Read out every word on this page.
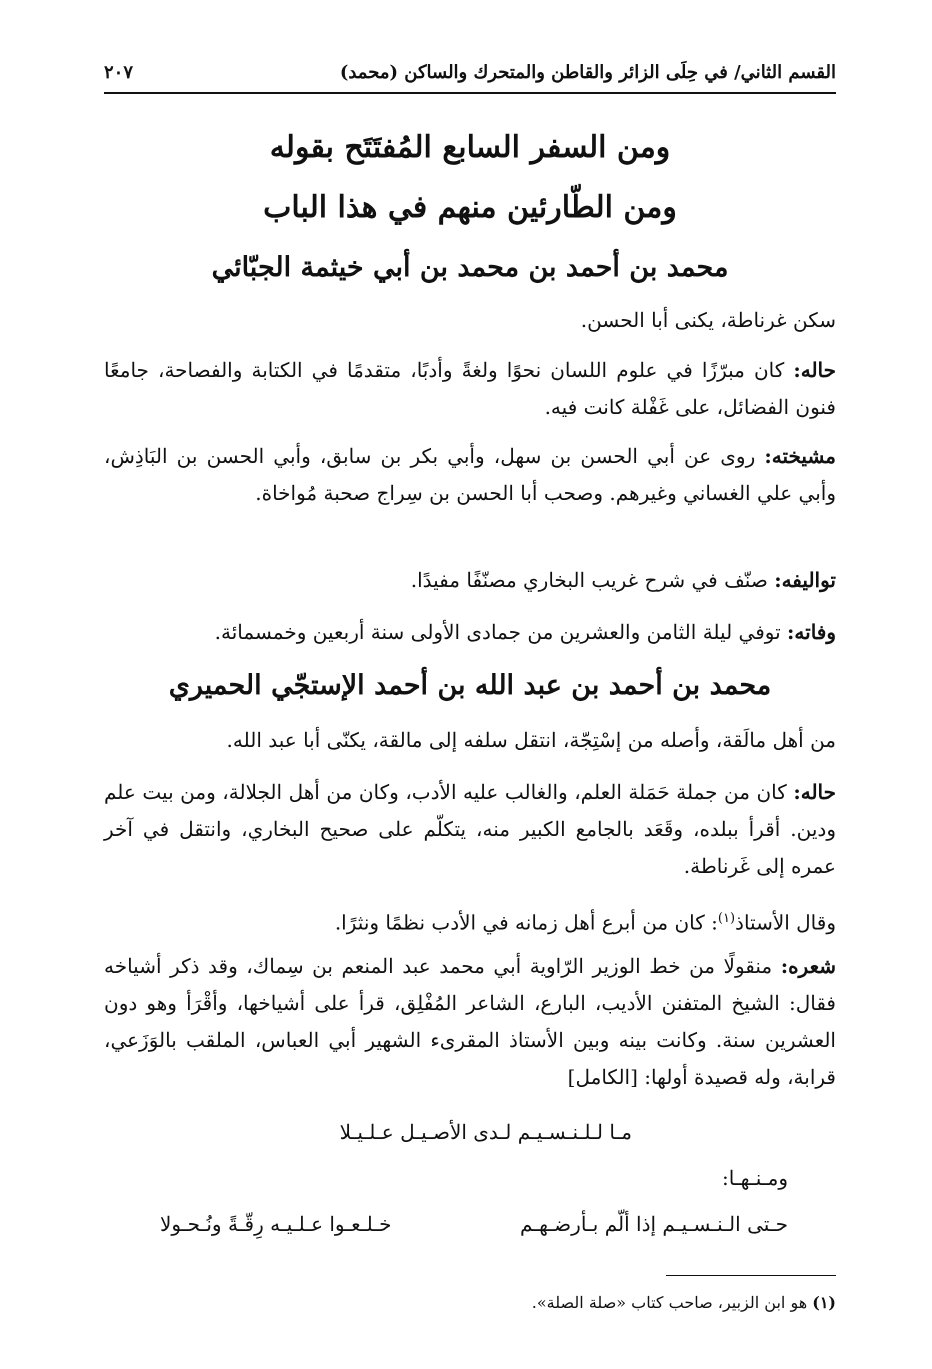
القسم الثاني/ في حِلَى الزائر والقاطن والمتحرك والساكن (محمد)
٢٠٧
ومن السفر السابع المُفتَتَح بقوله
ومن الطّارئين منهم في هذا الباب
محمد بن أحمد بن محمد بن أبي خيثمة الجبّائي
سكن غرناطة، يكنى أبا الحسن.
حاله: كان مبرّزًا في علوم اللسان نحوًا ولغةً وأدبًا، متقدمًا في الكتابة والفصاحة، جامعًا فنون الفضائل، على غَفْلة كانت فيه.
مشيخته: روى عن أبي الحسن بن سهل، وأبي بكر بن سابق، وأبي الحسن بن البَاذِش، وأبي علي الغساني وغيرهم. وصحب أبا الحسن بن سِراج صحبة مُواخاة.
تواليفه: صنّف في شرح غريب البخاري مصنّفًا مفيدًا.
وفاته: توفي ليلة الثامن والعشرين من جمادى الأولى سنة أربعين وخمسمائة.
محمد بن أحمد بن عبد الله بن أحمد الإستجّي الحميري
من أهل مالَقة، وأصله من إسْتِجّة، انتقل سلفه إلى مالقة، يكنّى أبا عبد الله.
حاله: كان من جملة حَمَلة العلم، والغالب عليه الأدب، وكان من أهل الجلالة، ومن بيت علم ودين. أقرأ ببلده، وقَعَد بالجامع الكبير منه، يتكلّم على صحيح البخاري، وانتقل في آخر عمره إلى غَرناطة.
وقال الأستاذ$^{(١)}$: كان من أبرع أهل زمانه في الأدب نظمًا ونثرًا.
شعره: منقولًا من خط الوزير الرّاوية أبي محمد عبد المنعم بن سِماك، وقد ذكر أشياخه فقال: الشيخ المتفنن الأديب، البارع، الشاعر المُفْلِق، قرأ على أشياخها، وأقْرَأ وهو دون العشرين سنة. وكانت بينه وبين الأستاذ المقرىء الشهير أبي العباس، الملقب بالوَزَعي، قرابة، وله قصيدة أولها: [الكامل]
مـا لـلـنـسـيـم لـدى الأصـيـل عـلـيـلا
ومـنـهـا:
حـتى الـنـسـيـم إذا ألّم بـأرضـهـم
خـلـعـوا عـلـيـه رِقّـةً ونُـحـولا
(١) هو ابن الزبير، صاحب كتاب «صلة الصلة».
